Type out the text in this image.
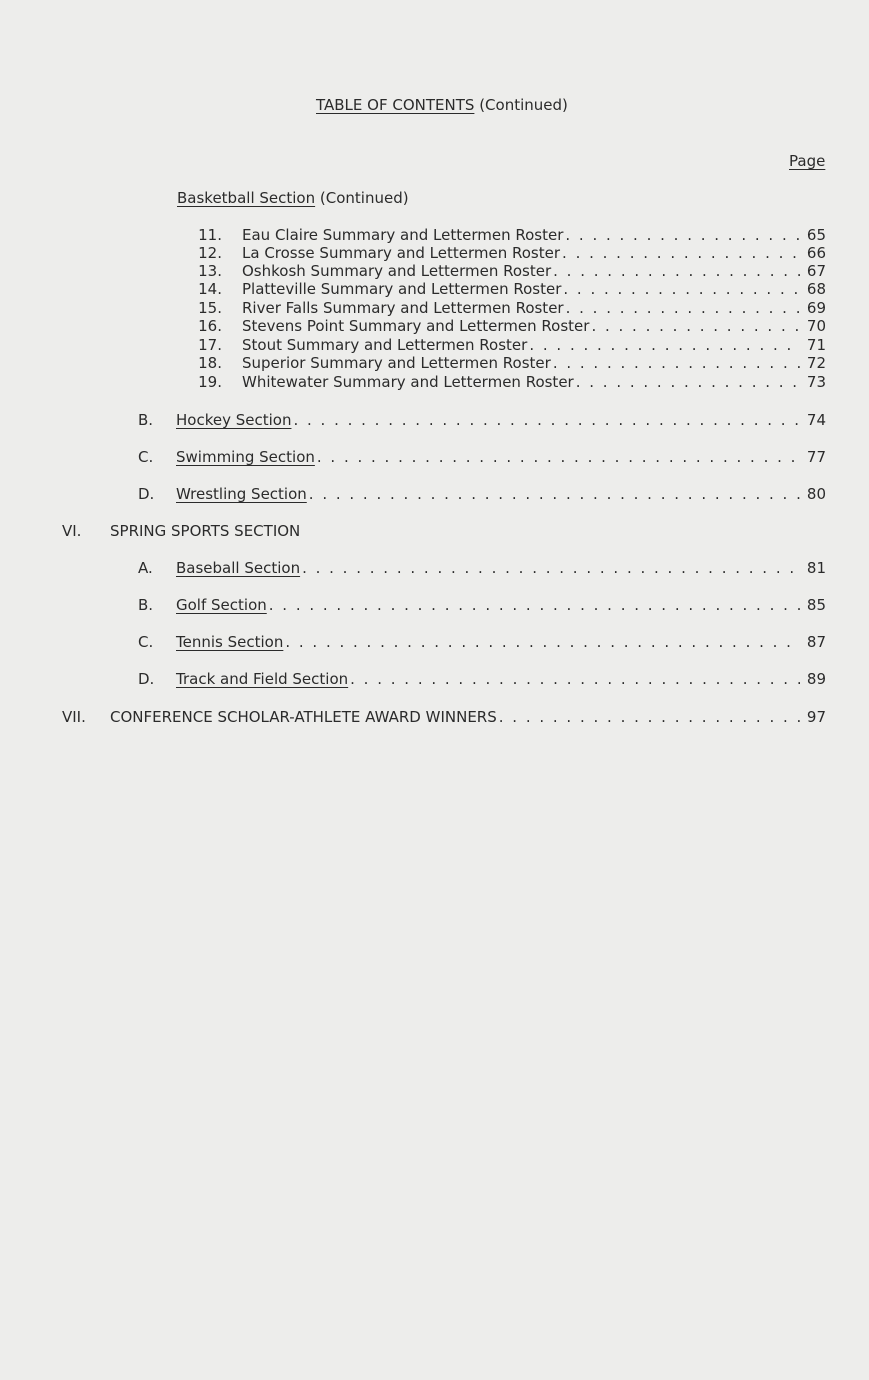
TABLE OF CONTENTS (Continued)
Page
Basketball Section (Continued)
11. Eau Claire Summary and Lettermen Roster . . .	65
12. La Crosse Summary and Lettermen Roster . . .	66
13. Oshkosh Summary and Lettermen Roster . . .	67
14. Platteville Summary and Lettermen Roster . . .	68
15. River Falls Summary and Lettermen Roster . . .	69
16. Stevens Point Summary and Lettermen Roster . . .	70
17. Stout Summary and Lettermen Roster . . .	71
18. Superior Summary and Lettermen Roster . . .	72
19. Whitewater Summary and Lettermen Roster . . .	73
B.	Hockey Section . . .	74
C.	Swimming Section . . .	77
D.	Wrestling Section . . .	80
VI. SPRING SPORTS SECTION
A.	Baseball Section . . .	81
B.	Golf Section . . .	85
C.	Tennis Section . . .	87
D.	Track and Field Section . . .	89
VII.	CONFERENCE SCHOLAR-ATHLETE AWARD WINNERS . . .	97
